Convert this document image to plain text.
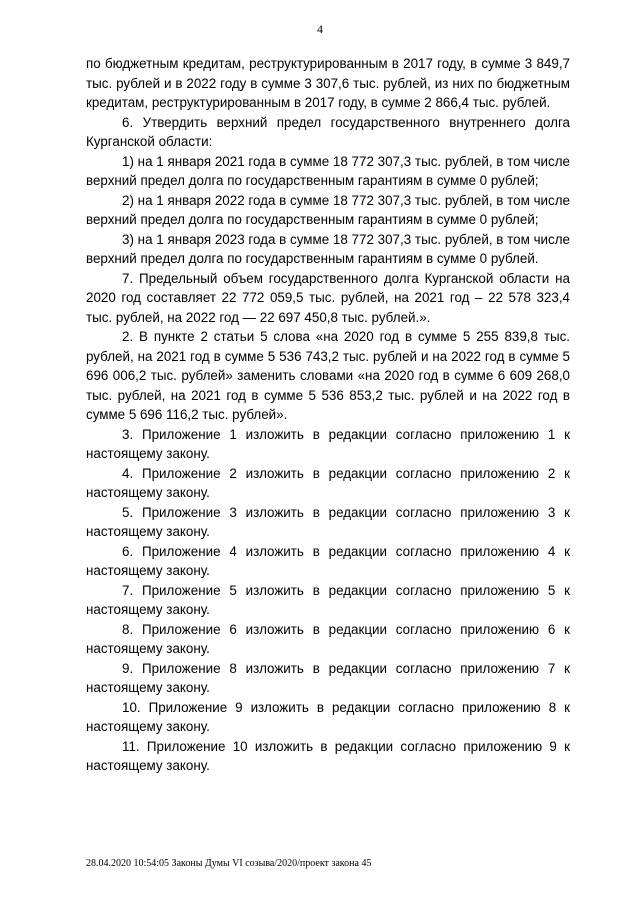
4

по бюджетным кредитам, реструктурированным в 2017 году, в сумме 3 849,7 тыс. рублей и в 2022 году в сумме 3 307,6 тыс. рублей, из них по бюджетным кредитам, реструктурированным в 2017 году, в сумме 2 866,4 тыс. рублей.

6. Утвердить верхний предел государственного внутреннего долга Курганской области:

1) на 1 января 2021 года в сумме 18 772 307,3 тыс. рублей, в том числе верхний предел долга по государственным гарантиям в сумме 0 рублей;

2) на 1 января 2022 года в сумме 18 772 307,3 тыс. рублей, в том числе верхний предел долга по государственным гарантиям в сумме 0 рублей;

3) на 1 января 2023 года в сумме 18 772 307,3 тыс. рублей, в том числе верхний предел долга по государственным гарантиям в сумме 0 рублей.

7. Предельный объем государственного долга Курганской области на 2020 год составляет 22 772 059,5 тыс. рублей, на 2021 год – 22 578 323,4 тыс. рублей, на 2022 год — 22 697 450,8 тыс. рублей.».

2. В пункте 2 статьи 5 слова «на 2020 год в сумме 5 255 839,8 тыс. рублей, на 2021 год в сумме 5 536 743,2 тыс. рублей и на 2022 год в сумме 5 696 006,2 тыс. рублей» заменить словами «на 2020 год в сумме 6 609 268,0 тыс. рублей, на 2021 год в сумме 5 536 853,2 тыс. рублей и на 2022 год в сумме 5 696 116,2 тыс. рублей».

3. Приложение 1 изложить в редакции согласно приложению 1 к настоящему закону.

4. Приложение 2 изложить в редакции согласно приложению 2 к настоящему закону.

5. Приложение 3 изложить в редакции согласно приложению 3 к настоящему закону.

6. Приложение 4 изложить в редакции согласно приложению 4 к настоящему закону.

7. Приложение 5 изложить в редакции согласно приложению 5 к настоящему закону.

8. Приложение 6 изложить в редакции согласно приложению 6 к настоящему закону.

9. Приложение 8 изложить в редакции согласно приложению 7 к настоящему закону.

10. Приложение 9 изложить в редакции согласно приложению 8 к настоящему закону.

11. Приложение 10 изложить в редакции согласно приложению 9 к настоящему закону.

28.04.2020 10:54:05 Законы Думы VI созыва/2020/проект закона 45
